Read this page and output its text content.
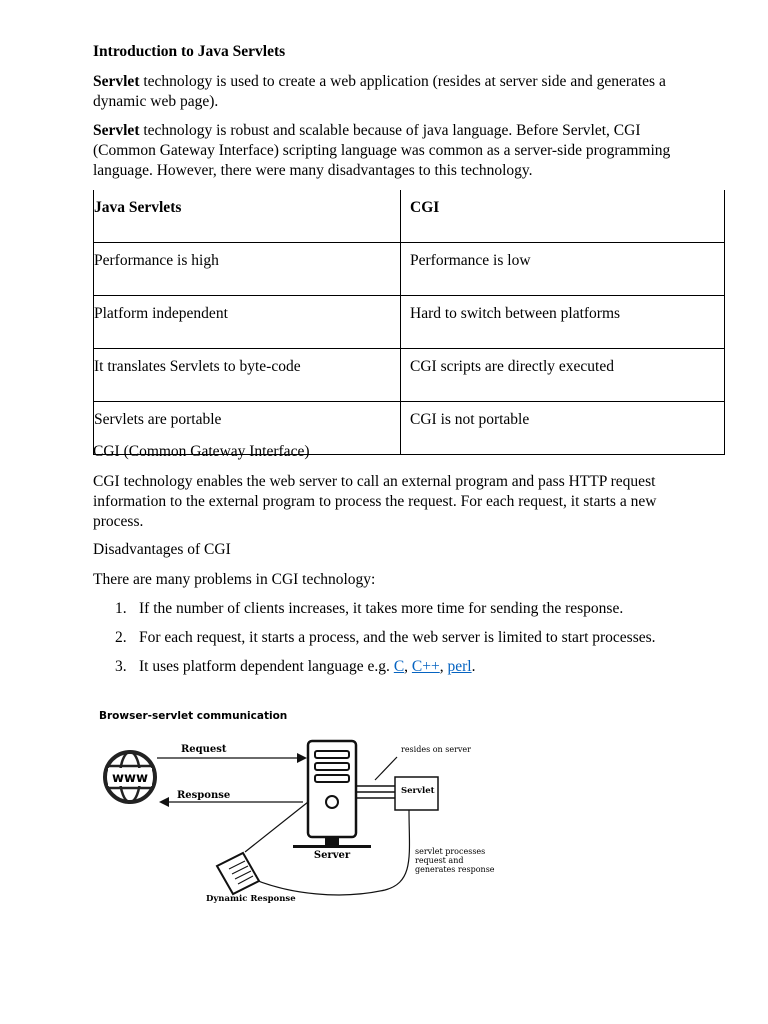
Introduction to Java Servlets

Servlet technology is used to create a web application (resides at server side and generates a dynamic web page).

Servlet technology is robust and scalable because of java language. Before Servlet, CGI (Common Gateway Interface) scripting language was common as a server-side programming language. However, there were many disadvantages to this technology.

Java Servlets	CGI
Performance is high	Performance is low
Platform independent	Hard to switch between platforms
It translates Servlets to byte-code	CGI scripts are directly executed
Servlets are portable	CGI is not portable
CGI (Common Gateway Interface)

CGI technology enables the web server to call an external program and pass HTTP request information to the external program to process the request. For each request, it starts a new process.

Disadvantages of CGI
There are many problems in CGI technology:
1. If the number of clients increases, it takes more time for sending the response.
2. For each request, it starts a process, and the web server is limited to start processes.
3. It uses platform dependent language e.g. C, C++, perl.
Browser-servlet communication
www
Request
Response
Server
resides on server
Servlet
servlet processes
request and
generates response
Dynamic Response
